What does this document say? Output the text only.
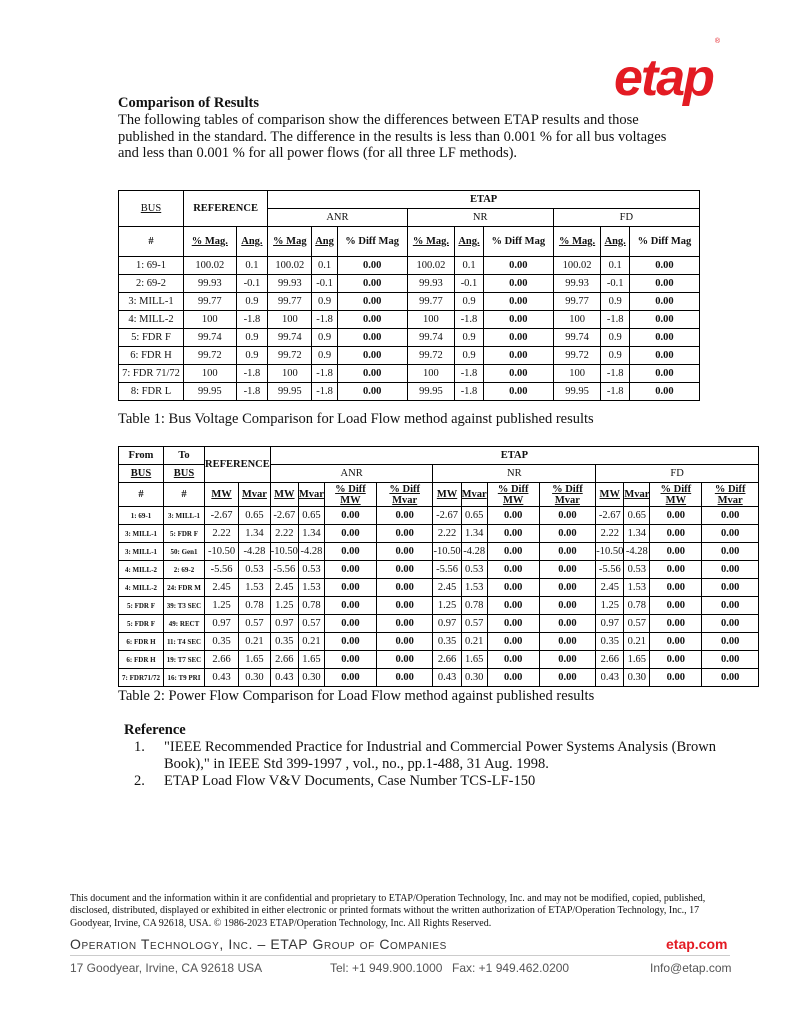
etap®
Comparison of Results

The following tables of comparison show the differences between ETAP results and those published in the standard. The difference in the results is less than 0.001 % for all bus voltages and less than 0.001 % for all power flows (for all three LF methods).

BUS	REFERENCE		ETAP								
			ANR			NR			FD		
#	% Mag.	Ang.	% Mag	Ang	% Diff Mag	% Mag.	Ang.	% Diff Mag	% Mag.	Ang.	% Diff Mag
1: 69-1	100.02	0.1	100.02	0.1	0.00	100.02	0.1	0.00	100.02	0.1	0.00
2: 69-2	99.93	-0.1	99.93	-0.1	0.00	99.93	-0.1	0.00	99.93	-0.1	0.00
3: MILL-1	99.77	0.9	99.77	0.9	0.00	99.77	0.9	0.00	99.77	0.9	0.00
4: MILL-2	100	-1.8	100	-1.8	0.00	100	-1.8	0.00	100	-1.8	0.00
5: FDR F	99.74	0.9	99.74	0.9	0.00	99.74	0.9	0.00	99.74	0.9	0.00
6: FDR H	99.72	0.9	99.72	0.9	0.00	99.72	0.9	0.00	99.72	0.9	0.00
7: FDR 71/72	100	-1.8	100	-1.8	0.00	100	-1.8	0.00	100	-1.8	0.00
8: FDR L	99.95	-1.8	99.95	-1.8	0.00	99.95	-1.8	0.00	99.95	-1.8	0.00
Table 1: Bus Voltage Comparison for Load Flow method against published results
From	To	REFERENCE		ETAP											
BUS	BUS			ANR				NR				FD			
#	#	MW	Mvar	MW	Mvar	% Diff MW	% Diff Mvar	MW	Mvar	% Diff MW	% Diff Mvar	MW	Mvar	% Diff MW	% Diff Mvar
1: 69-1	3: MILL-1	-2.67	0.65	-2.67	0.65	0.00	0.00	-2.67	0.65	0.00	0.00	-2.67	0.65	0.00	0.00
3: MILL-1	5: FDR F	2.22	1.34	2.22	1.34	0.00	0.00	2.22	1.34	0.00	0.00	2.22	1.34	0.00	0.00
3: MILL-1	50: Gen1	-10.50	-4.28	-10.50	-4.28	0.00	0.00	-10.50	-4.28	0.00	0.00	-10.50	-4.28	0.00	0.00
4: MILL-2	2: 69-2	-5.56	0.53	-5.56	0.53	0.00	0.00	-5.56	0.53	0.00	0.00	-5.56	0.53	0.00	0.00
4: MILL-2	24: FDR M	2.45	1.53	2.45	1.53	0.00	0.00	2.45	1.53	0.00	0.00	2.45	1.53	0.00	0.00
5: FDR F	39: T3 SEC	1.25	0.78	1.25	0.78	0.00	0.00	1.25	0.78	0.00	0.00	1.25	0.78	0.00	0.00
5: FDR F	49: RECT	0.97	0.57	0.97	0.57	0.00	0.00	0.97	0.57	0.00	0.00	0.97	0.57	0.00	0.00
6: FDR H	11: T4 SEC	0.35	0.21	0.35	0.21	0.00	0.00	0.35	0.21	0.00	0.00	0.35	0.21	0.00	0.00
6: FDR H	19: T7 SEC	2.66	1.65	2.66	1.65	0.00	0.00	2.66	1.65	0.00	0.00	2.66	1.65	0.00	0.00
7: FDR71/72	16: T9 PRI	0.43	0.30	0.43	0.30	0.00	0.00	0.43	0.30	0.00	0.00	0.43	0.30	0.00	0.00
Table 2: Power Flow Comparison for Load Flow method against published results
Reference
1.	"IEEE Recommended Practice for Industrial and Commercial Power Systems Analysis (Brown Book)," in IEEE Std 399-1997 , vol., no., pp.1-488, 31 Aug. 1998.
2.	ETAP Load Flow V&V Documents, Case Number TCS-LF-150

This document and the information within it are confidential and proprietary to ETAP/Operation Technology, Inc. and may not be modified, copied, published, disclosed, distributed, displayed or exhibited in either electronic or printed formats without the written authorization of ETAP/Operation Technology, Inc., 17 Goodyear, Irvine, CA 92618, USA. © 1986-2023 ETAP/Operation Technology, Inc. All Rights Reserved.

Operation Technology, Inc. – ETAP Group of Companies	etap.com
17 Goodyear, Irvine, CA 92618 USA	Tel: +1 949.900.1000 Fax: +1 949.462.0200	Info@etap.com
